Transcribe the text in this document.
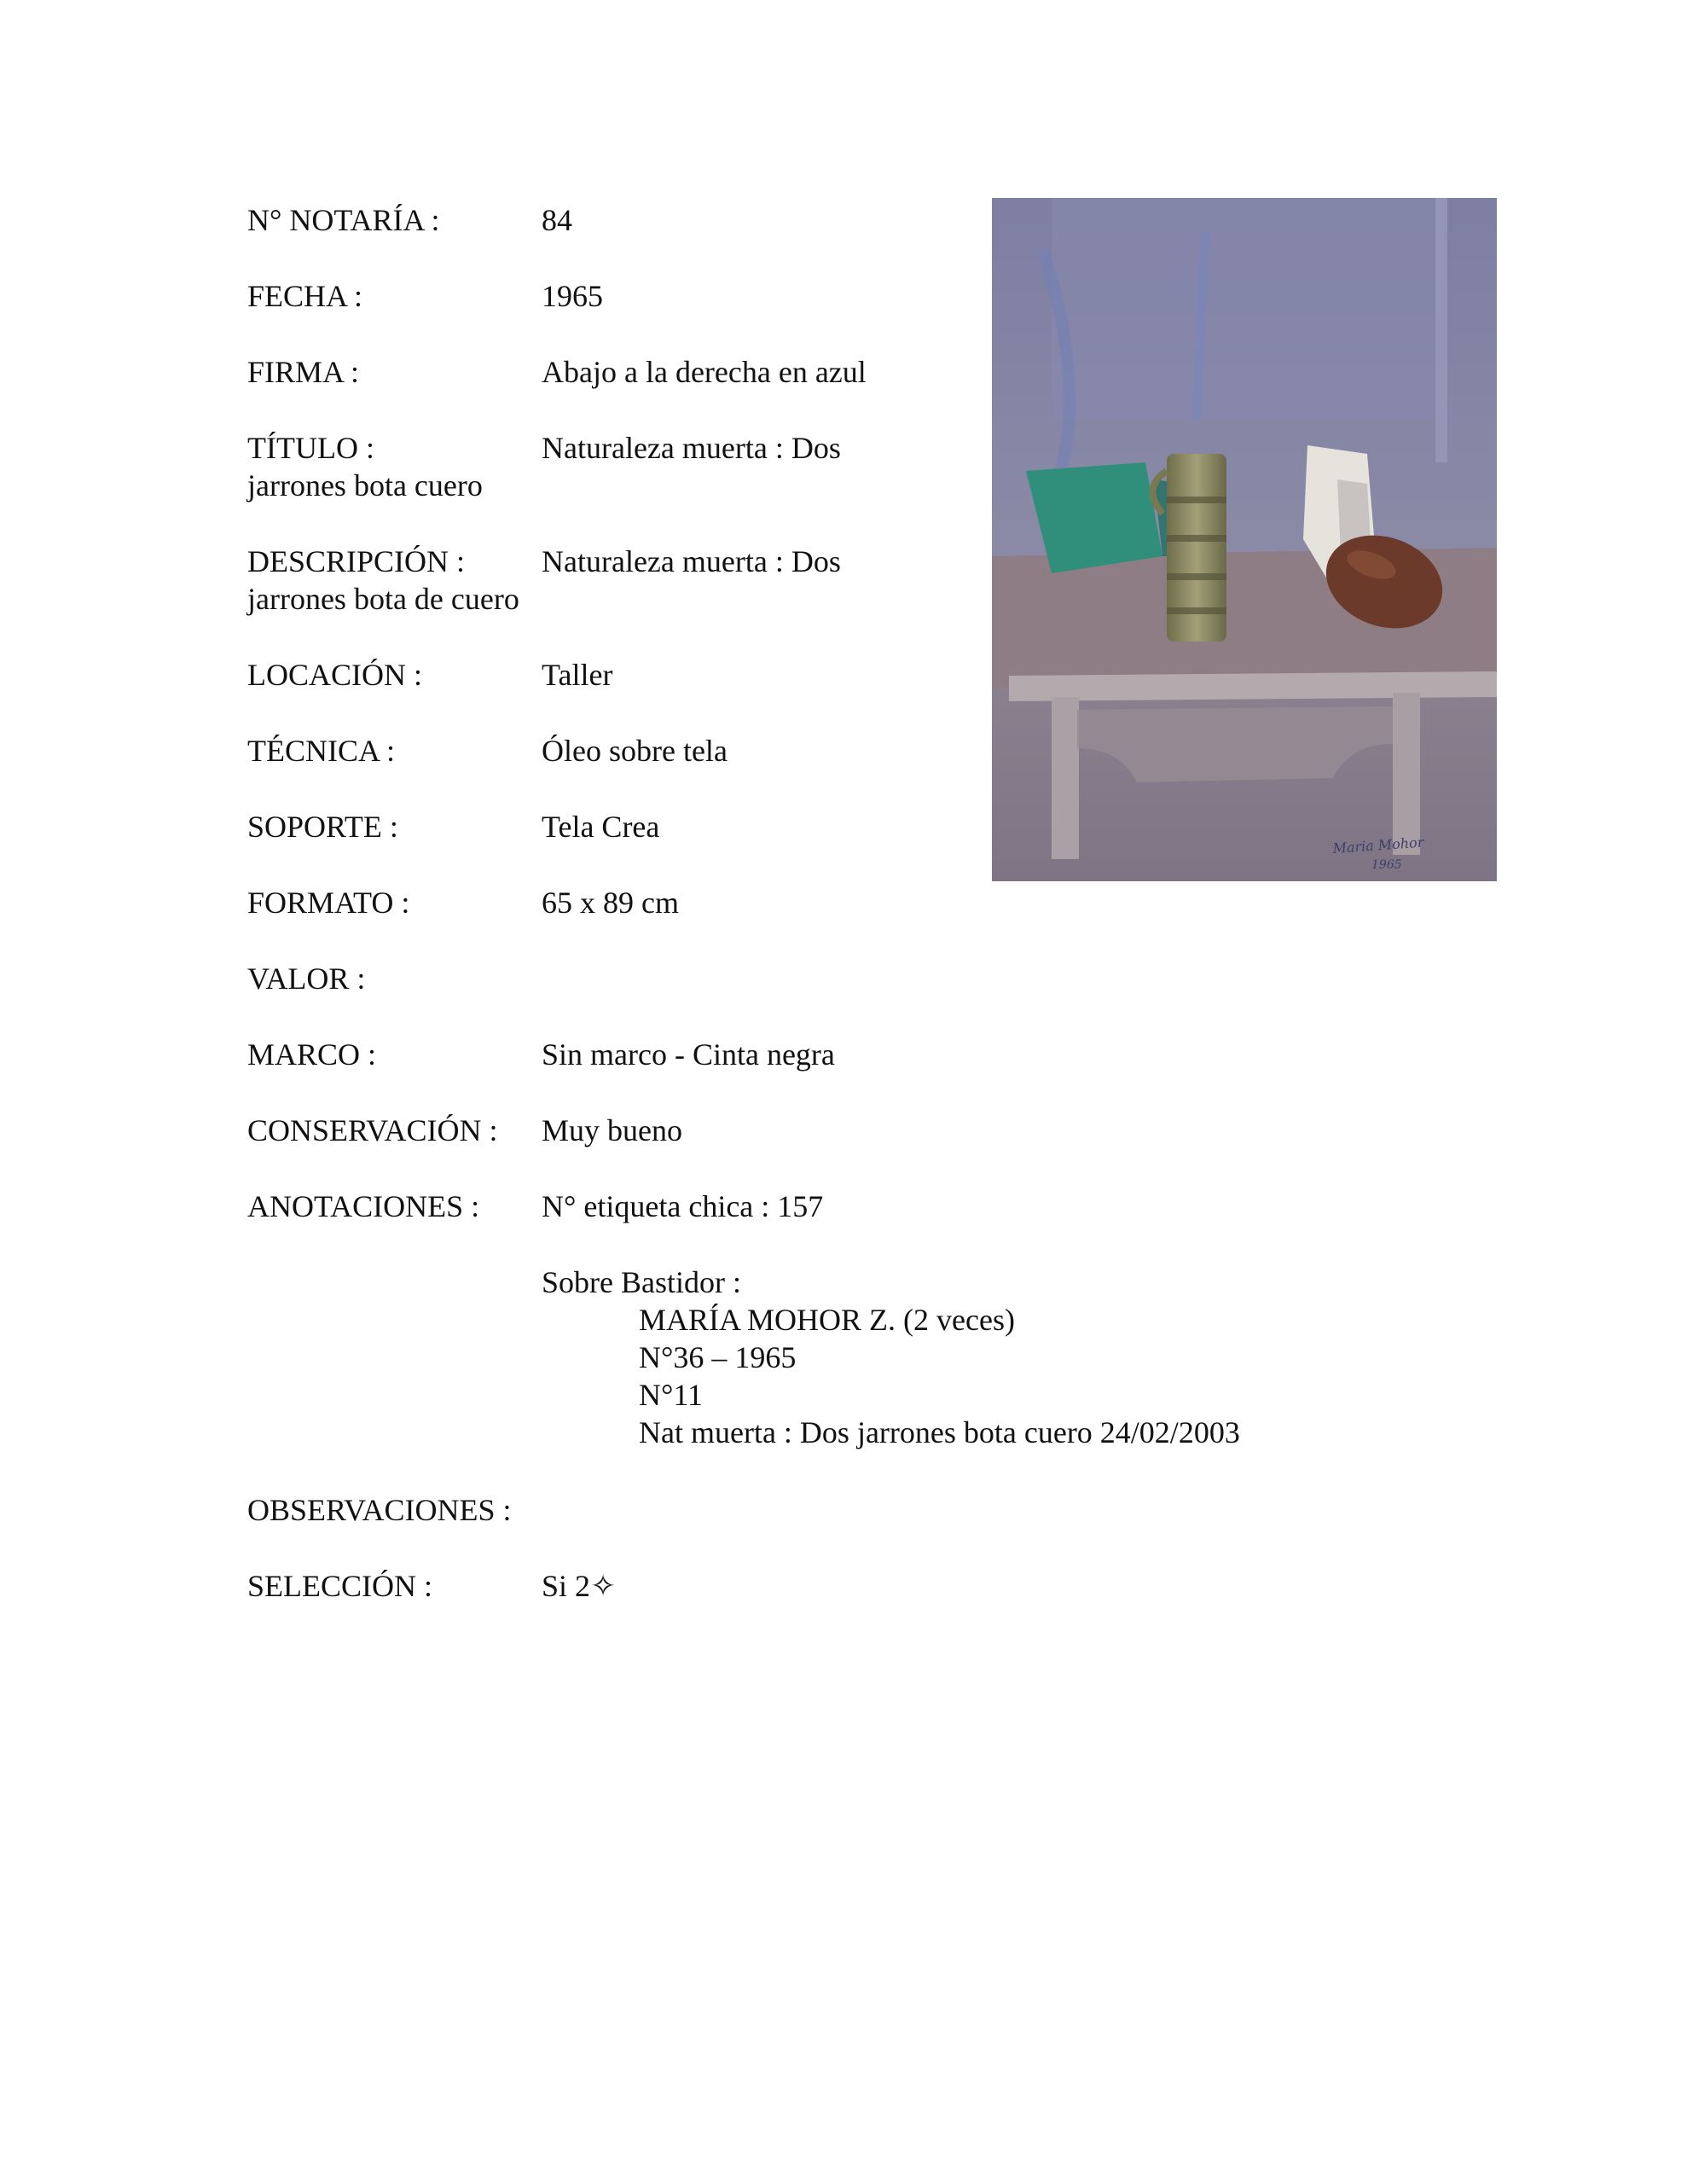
N° NOTARÍA :	84
FECHA :	1965
FIRMA :	Abajo a la derecha en azul
TÍTULO :	Naturaleza muerta : Dos
jarrones bota cuero
DESCRIPCIÓN : Naturaleza muerta : Dos
jarrones bota de cuero
LOCACIÓN :	Taller
TÉCNICA :	Óleo sobre tela
SOPORTE :	Tela Crea
FORMATO :	65 x 89 cm
VALOR :
MARCO :	Sin marco - Cinta negra
CONSERVACIÓN : Muy bueno
ANOTACIONES : N° etiqueta chica : 157
Sobre Bastidor :
MARÍA MOHOR Z. (2 veces)
N°36 – 1965
N°11
Nat muerta : Dos jarrones bota cuero 24/02/2003
OBSERVACIONES :
SELECCIÓN :	Si 2✧
Maria Mohor
1965
